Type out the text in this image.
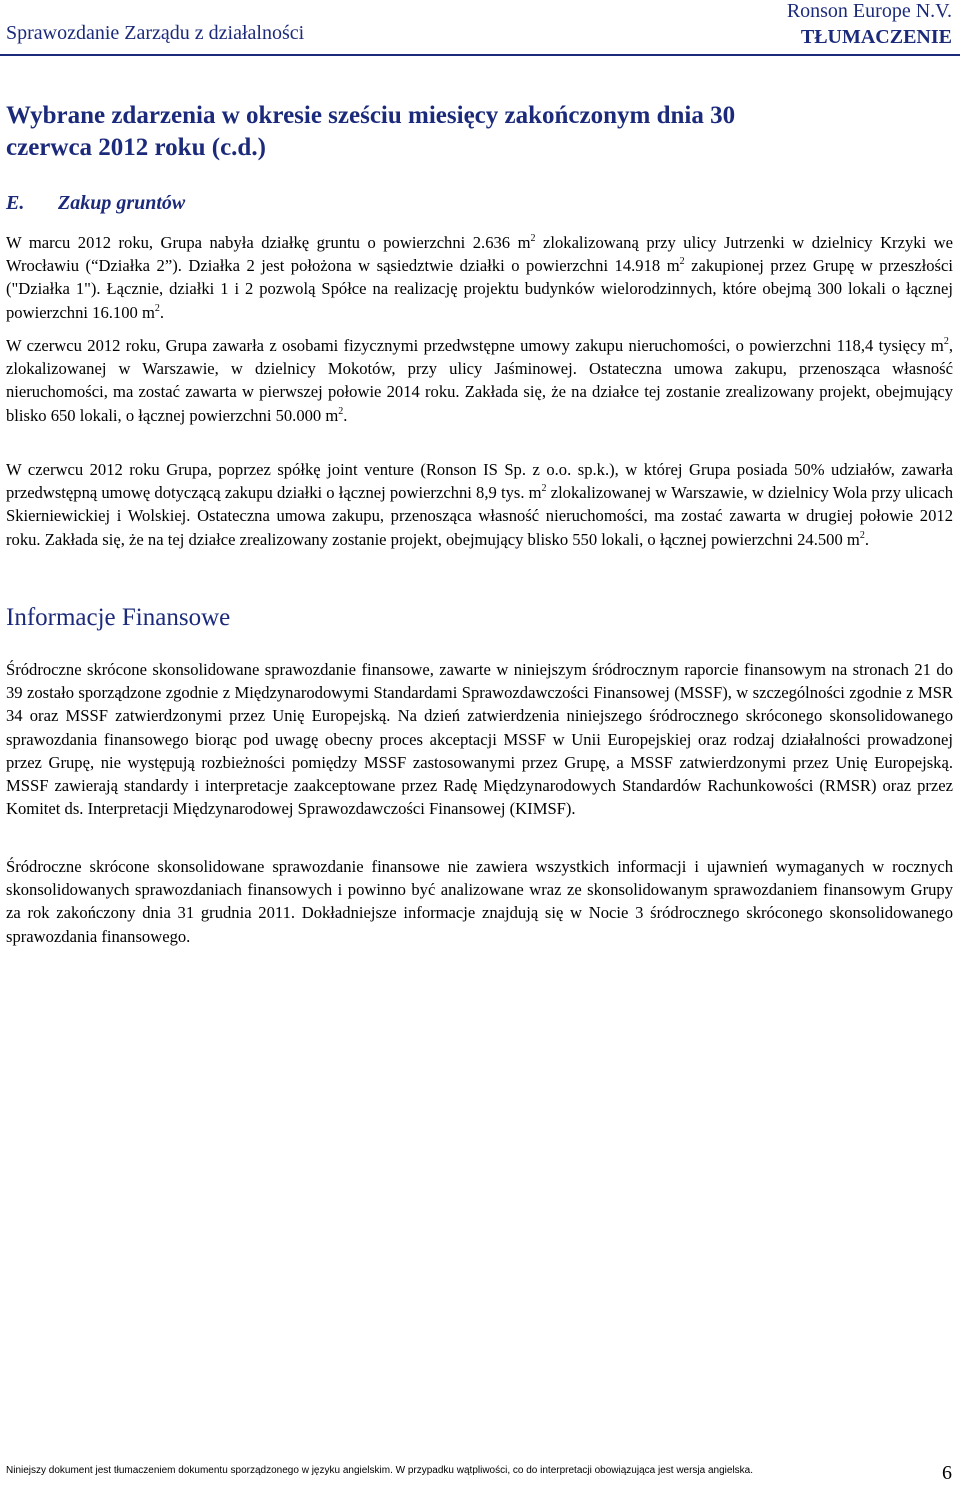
Sprawozdanie Zarządu z działalności
Ronson Europe N.V.
TŁUMACZENIE
Wybrane zdarzenia w okresie sześciu miesięcy zakończonym dnia 30 czerwca 2012 roku (c.d.)
E. Zakup gruntów

W marcu 2012 roku, Grupa nabyła działkę gruntu o powierzchni 2.636 $m^2$ zlokalizowaną przy ulicy Jutrzenki w dzielnicy Krzyki we Wrocławiu (“Działka 2”). Działka 2 jest położona w sąsiedztwie działki o powierzchni 14.918 $m^2$ zakupionej przez Grupę w przeszłości ("Działka 1"). Łącznie, działki 1 i 2 pozwolą Spółce na realizację projektu budynków wielorodzinnych, które obejmą 300 lokali o łącznej powierzchni 16.100 $m^2$.

W czerwcu 2012 roku, Grupa zawarła z osobami fizycznymi przedwstępne umowy zakupu nieruchomości, o powierzchni 118,4 tysięcy $m^2$, zlokalizowanej w Warszawie, w dzielnicy Mokotów, przy ulicy Jaśminowej. Ostateczna umowa zakupu, przenosząca własność nieruchomości, ma zostać zawarta w pierwszej połowie 2014 roku. Zakłada się, że na działce tej zostanie zrealizowany projekt, obejmujący blisko 650 lokali, o łącznej powierzchni 50.000 $m^2$.

W czerwcu 2012 roku Grupa, poprzez spółkę joint venture (Ronson IS Sp. z o.o. sp.k.), w której Grupa posiada 50% udziałów, zawarła przedwstępną umowę dotyczącą zakupu działki o łącznej powierzchni 8,9 tys. $m^2$ zlokalizowanej w Warszawie, w dzielnicy Wola przy ulicach Skierniewickiej i Wolskiej. Ostateczna umowa zakupu, przenosząca własność nieruchomości, ma zostać zawarta w drugiej połowie 2012 roku. Zakłada się, że na tej działce zrealizowany zostanie projekt, obejmujący blisko 550 lokali, o łącznej powierzchni 24.500 $m^2$.

Informacje Finansowe

Śródroczne skrócone skonsolidowane sprawozdanie finansowe, zawarte w niniejszym śródrocznym raporcie finansowym na stronach 21 do 39 zostało sporządzone zgodnie z Międzynarodowymi Standardami Sprawozdawczości Finansowej (MSSF), w szczególności zgodnie z MSR 34 oraz MSSF zatwierdzonymi przez Unię Europejską. Na dzień zatwierdzenia niniejszego śródrocznego skróconego skonsolidowanego sprawozdania finansowego biorąc pod uwagę obecny proces akceptacji MSSF w Unii Europejskiej oraz rodzaj działalności prowadzonej przez Grupę, nie występują rozbieżności pomiędzy MSSF zastosowanymi przez Grupę, a MSSF zatwierdzonymi przez Unię Europejską. MSSF zawierają standardy i interpretacje zaakceptowane przez Radę Międzynarodowych Standardów Rachunkowości (RMSR) oraz przez Komitet ds. Interpretacji Międzynarodowej Sprawozdawczości Finansowej (KIMSF).

Śródroczne skrócone skonsolidowane sprawozdanie finansowe nie zawiera wszystkich informacji i ujawnień wymaganych w rocznych skonsolidowanych sprawozdaniach finansowych i powinno być analizowane wraz ze skonsolidowanym sprawozdaniem finansowym Grupy za rok zakończony dnia 31 grudnia 2011. Dokładniejsze informacje znajdują się w Nocie 3 śródrocznego skróconego skonsolidowanego sprawozdania finansowego.

Niniejszy dokument jest tłumaczeniem dokumentu sporządzonego w języku angielskim. W przypadku wątpliwości, co do interpretacji obowiązująca jest wersja angielska.	6
